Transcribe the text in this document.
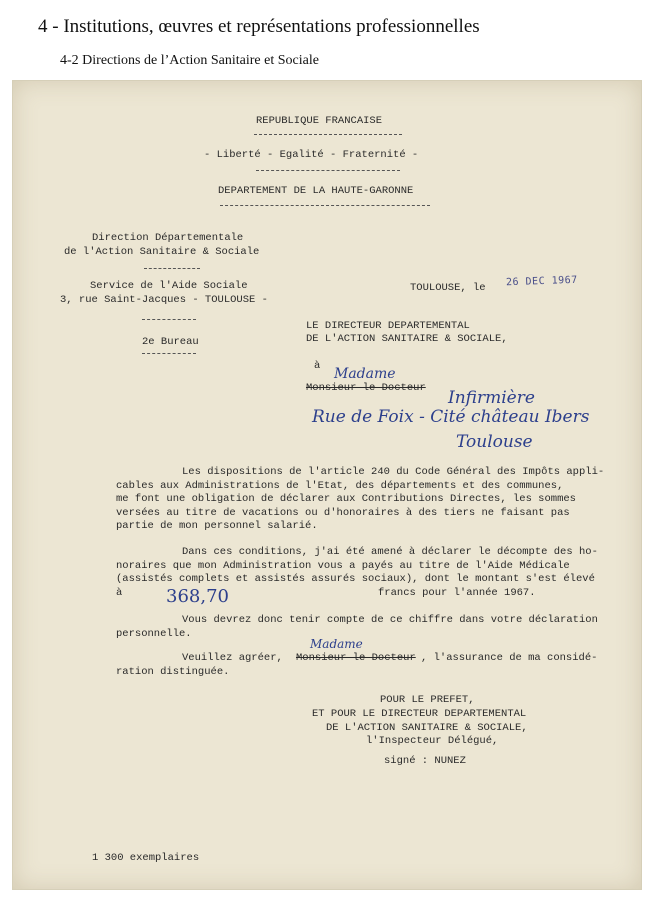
4 - Institutions, œuvres et représentations professionnelles
4-2 Directions de l’Action Sanitaire et Sociale
REPUBLIQUE FRANCAISE
- Liberté - Egalité - Fraternité -
DEPARTEMENT DE LA HAUTE-GARONNE
Direction Départementale
de l'Action Sanitaire & Sociale
Service de l'Aide Sociale
3, rue Saint-Jacques - TOULOUSE -
2e Bureau
TOULOUSE, le 26 DEC 1967
LE DIRECTEUR DEPARTEMENTAL
DE L'ACTION SANITAIRE & SOCIALE,
à Madame
Monsieur le Docteur Infirmière
Rue de Foix - Cité château Ibers
Toulouse
Les dispositions de l'article 240 du Code Général des Impôts appli-
cables aux Administrations de l'Etat, des départements et des communes,
me font une obligation de déclarer aux Contributions Directes, les sommes
versées au titre de vacations ou d'honoraires à des tiers ne faisant pas
partie de mon personnel salarié.
Dans ces conditions, j'ai été amené à déclarer le décompte des ho-
noraires que mon Administration vous a payés au titre de l'Aide Médicale
(assistés complets et assistés assurés sociaux), dont le montant s'est élevé
à 368,70	francs pour l'année 1967.
Vous devrez donc tenir compte de ce chiffre dans votre déclaration
personnelle.
Madame
Veuillez agréer, Monsieur le Docteur , l'assurance de ma considé-
ration distinguée.
POUR LE PREFET,
ET POUR LE DIRECTEUR DEPARTEMENTAL
DE L'ACTION SANITAIRE & SOCIALE,
l'Inspecteur Délégué,
signé : NUNEZ
1 300 exemplaires
